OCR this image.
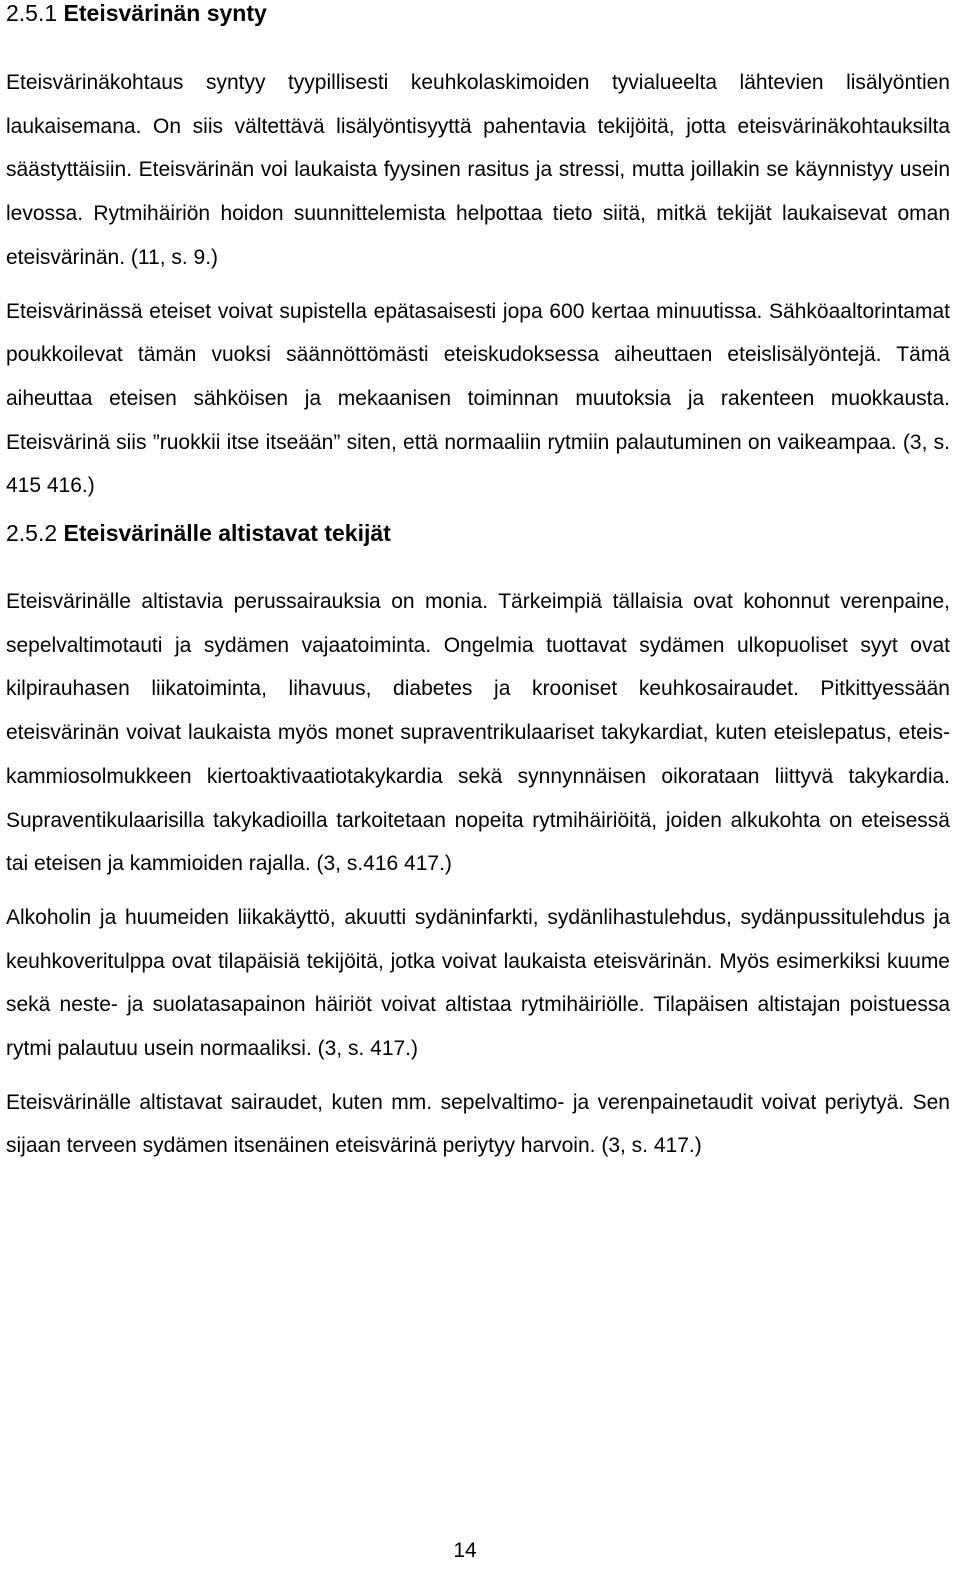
2.5.1 Eteisvärinän synty

Eteisvärinäkohtaus syntyy tyypillisesti keuhkolaskimoiden tyvialueelta lähtevien lisälyöntien laukaisemana. On siis vältettävä lisälyöntisyyttä pahentavia tekijöitä, jotta eteisvärinäkohtauksilta säästyttäisiin. Eteisvärinän voi laukaista fyysinen rasitus ja stressi, mutta joillakin se käynnistyy usein levossa. Rytmihäiriön hoidon suunnittelemista helpottaa tieto siitä, mitkä tekijät laukaisevat oman eteisvärinän. (11, s. 9.)

Eteisvärinässä eteiset voivat supistella epätasaisesti jopa 600 kertaa minuutissa. Sähköaaltorintamat poukkoilevat tämän vuoksi säännöttömästi eteiskudoksessa aiheuttaen eteislisälyöntejä. Tämä aiheuttaa eteisen sähköisen ja mekaanisen toiminnan muutoksia ja rakenteen muokkausta. Eteisvärinä siis ”ruokkii itse itseään” siten, että normaaliin rytmiin palautuminen on vaikeampaa. (3, s. 415 416.)

2.5.2 Eteisvärinälle altistavat tekijät

Eteisvärinälle altistavia perussairauksia on monia. Tärkeimpiä tällaisia ovat kohonnut verenpaine, sepelvaltimotauti ja sydämen vajaatoiminta. Ongelmia tuottavat sydämen ulkopuoliset syyt ovat kilpirauhasen liikatoiminta, lihavuus, diabetes ja krooniset keuhkosairaudet. Pitkittyessään eteisvärinän voivat laukaista myös monet supraventrikulaariset takykardiat, kuten eteislepatus, eteis-kammiosolmukkeen kiertoaktivaatiotakykardia sekä synnynnäisen oikorataan liittyvä takykardia. Supraventikulaarisilla takykadioilla tarkoitetaan nopeita rytmihäiriöitä, joiden alkukohta on eteisessä tai eteisen ja kammioiden rajalla. (3, s.416 417.)

Alkoholin ja huumeiden liikakäyttö, akuutti sydäninfarkti, sydänlihastulehdus, sydänpussitulehdus ja keuhkoveritulppa ovat tilapäisiä tekijöitä, jotka voivat laukaista eteisvärinän. Myös esimerkiksi kuume sekä neste- ja suolatasapainon häiriöt voivat altistaa rytmihäiriölle. Tilapäisen altistajan poistuessa rytmi palautuu usein normaaliksi. (3, s. 417.)

Eteisvärinälle altistavat sairaudet, kuten mm. sepelvaltimo- ja verenpainetaudit voivat periytyä. Sen sijaan terveen sydämen itsenäinen eteisvärinä periytyy harvoin. (3, s. 417.)

14
